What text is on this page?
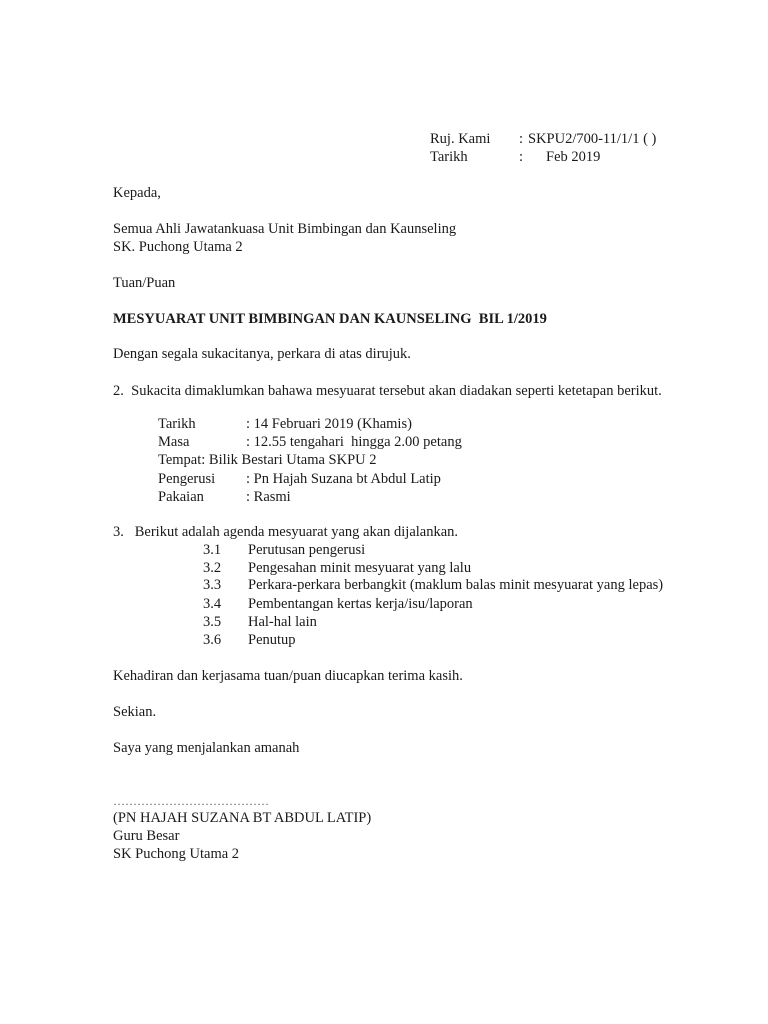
Ruj. Kami : SKPU2/700-11/1/1 ( )
Tarikh	: Feb 2019
Kepada,
Semua Ahli Jawatankuasa Unit Bimbingan dan Kaunseling
SK. Puchong Utama 2
Tuan/Puan
MESYUARAT UNIT BIMBINGAN DAN KAUNSELING  BIL 1/2019
Dengan segala sukacitanya, perkara di atas dirujuk.
2.  Sukacita dimaklumkan bahawa mesyuarat tersebut akan diadakan seperti ketetapan berikut.
Tarikh	: 14 Februari 2019 (Khamis)
Masa	: 12.55 tengahari  hingga 2.00 petang
Tempat: Bilik Bestari Utama SKPU 2
Pengerusi : Pn Hajah Suzana bt Abdul Latip
Pakaian	: Rasmi
3.   Berikut adalah agenda mesyuarat yang akan dijalankan.
3.1 Perutusan pengerusi
3.2 Pengesahan minit mesyuarat yang lalu
3.3 Perkara-perkara berbangkit (maklum balas minit mesyuarat yang lepas)
3.4 Pembentangan kertas kerja/isu/laporan
3.5 Hal-hal lain
3.6 Penutup
Kehadiran dan kerjasama tuan/puan diucapkan terima kasih.
Sekian.
Saya yang menjalankan amanah
…………………………………
(PN HAJAH SUZANA BT ABDUL LATIP)
Guru Besar
SK Puchong Utama 2
